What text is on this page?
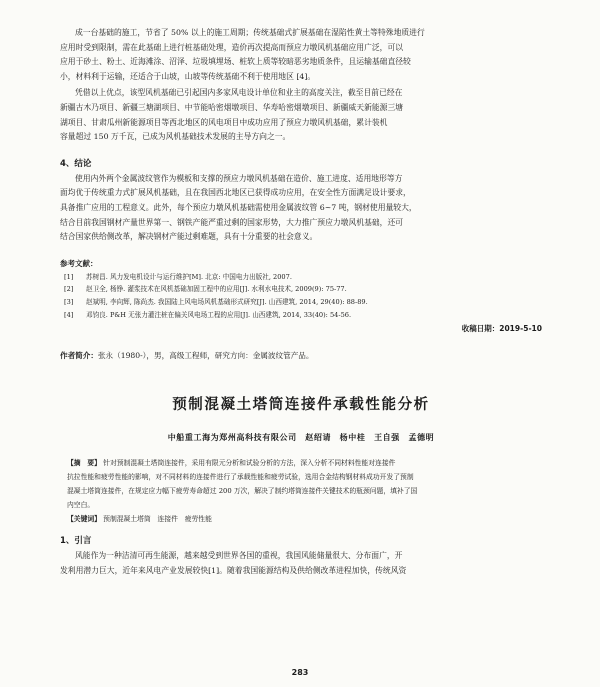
成一台基础的施工，节省了 50% 以上的施工周期；传统基础式扩展基础在湿陷性黄土等特殊地质进行
应用时受到限制，需在此基础上进行桩基础处理，造价再次提高而预应力墩风机基础应用广泛，可以
应用于砂土、粉土、近海滩涂、沼泽、垃圾填埋场、桩软上质等较暗恶劣地质条件，且运输基础直径较
小，材料利于运输，还适合于山坡，山坡等传统基础不利于使用地区 [4]。
凭借以上优点，该型风机基础已引起国内多家风电设计单位和业主的高度关注，截至目前已经在
新疆古木乃项目、新疆三塘湖项目、中节能哈密烟墩项目、华寿哈密烟墩项目、新疆威天新能源三塘
湖项目、甘肃瓜州新能源项目等西北地区的风电项目中成功应用了预应力墩风机基础，累计装机
容量超过 150 万千瓦，已成为风机基础技术发展的主导方向之一。

4、结论

使用内外两个金属波纹管作为模板和支撑的预应力墩风机基础在造价、施工进度、适用地形等方
面均优于传统重力式扩展风机基础，且在我国西北地区已获得成功应用，在安全性方面满足设计要求，
具备推广应用的工程意义。此外，每个预应力墩风机基础需使用金属波纹管 6~7 吨，钢材使用量较大，
结合目前我国钢材产量世界第一、钢铁产能严重过剩的国家形势，大力推广预应力墩风机基础，还可
结合国家供给侧改革，解决钢材产能过剩难题，具有十分重要的社会意义。

参考文献：

[1] 苏树昌. 风力发电机设计与运行维护[M]. 北京: 中国电力出版社, 2007.
[2] 赵卫全, 杨铮. 灌浆技术在风机基础加固工程中的应用[J]. 水利水电技术, 2009(9): 75-77.
[3] 赵斌明, 李向辉, 陈尚杰. 我国陆上风电场风机基础形式研究[J]. 山西建筑, 2014, 29(40): 88-89.
[4] 邓钧良. P&H 无张力灌注桩在偏关风电场工程的应用[J]. 山西建筑, 2014, 33(40): 54-56.

收稿日期：2019-5-10

作者简介：张永（1980-），男，高级工程师，研究方向：金属波纹管产品。

预制混凝土塔筒连接件承载性能分析

中船重工海为郑州高科技有限公司　赵绍请　杨中桂　王自强　孟德明

【摘　要】 针对预制混凝土塔筒连接件，采用有限元分析和试验分析的方法，深入分析不同材料性能对连接件
抗拉性能和疲劳性能的影响，对不同材料的连接件进行了承载性能和疲劳试验，选用合金结构钢材料成功开发了预制
混凝土塔筒连接件，在规定应力幅下疲劳寿命超过 200 万次，解决了制约塔筒连接件关键技术的瓶颈问题，填补了国
内空白。
【关键词】 预制混凝土塔筒　连接件　疲劳性能

1、引言

风能作为一种洁清可再生能源，越来越受到世界各国的重视，我国风能储量很大、分布面广，开
发利用潜力巨大，近年来风电产业发展较快[1]。随着我国能源结构及供给侧改革进程加快，传统风资
283
